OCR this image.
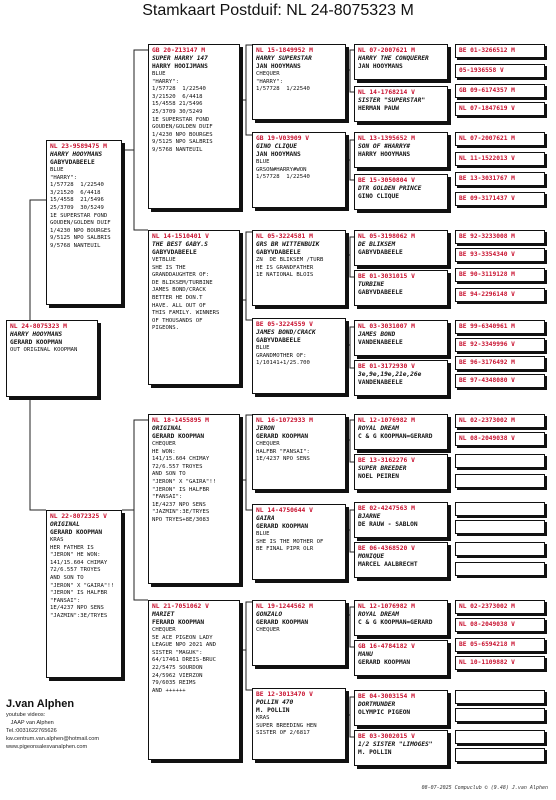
Stamkaart Postduif: NL 24-8075323 M
NL 24-8075323 M
HARRY HOOYMANS
GERARD KOOPMAN
OUT ORIGINAL KOOPMAN
NL 23-9589475 M
HARRY HOOYMANS
GABYVDABEELE
BLUE
"HARRY":
1/57728  1/22540
3/21520  6/4418
15/4558  21/5496
25/3709  30/5249
1E SUPERSTAR FOND
GOUDEN/GOLDEN DUIF
1/4230 NPO BOURGES
9/5125 NPO SALBRIS
9/5768 NANTEUIL
NL 22-8072325 V
ORIGINAL
GERARD KOOPMAN
KRAS
HER FATHER IS
"JERON" HE WON:
141/15.604 CHIMAY
72/6.557 TROYES
AND SON TO
"JERON" X "GAIRA"!!
"JERON" IS HALFBR
"FANSAI":
1E/4237 NPO SENS
"JAZMIN":3E/TRYES
GB 20-Z13147 M
SUPER HARRY 147
HARRY HOOIJMANS
BLUE
"HARRY":
1/57728  1/22540
3/21520  6/4418
15/4558 21/5496
25/3709 30/5249
1E SUPERSTAR FOND
GOUDEN/GOLDEN DUIF
1/4230 NPO BOURGES
9/5125 NPO SALBRIS
9/5768 NANTEUIL
NL 14-1510401 V
THE BEST GABY.S
GABYVDABEELE
VETBLUE
SHE IS THE
GRANDDAUGHTER OF:
DE BLIKSEM/TURBINE
JAMES BOND/CRACK
BETTER HE DON.T
HAVE. ALL OUT OF
THIS FAMILY. WINNERS
OF THOUSANDS OF
PIGEONS.
NL 18-1455895 M
ORIGINAL
GERARD KOOPMAN
CHEQUER
HE WON:
141/15.604 CHIMAY
72/6.557 TROYES
AND SON TO
"JERON" X "GAIRA"!!
"JERON" IS HALFBR
"FANSAI":
1E/4237 NPO SENS
"JAZMIN":3E/TRYES
NPO TRYES+8E/3083
NL 21-7051062 V
MARIET
FERARD KOOPMAN
CHEQUER
5E ACE PIGEON LADY
LEAGUE NPO 2021 AND
SISTER "MAGUK":
64/17461 DREIS-BRUC
22/5475 SOURDON
24/5962 VIERZON
79/6035 REIMS
AND ++++++
NL 15-1849952 M
HARRY SUPERSTAR
JAN HOOYMANS
CHEQUER
"HARRY":
1/57728  1/22540
GB 19-V03909 V
GINO CLIQUE
JAN HOOYMANS
BLUE
GRSON#HARRY#WON
1/57728  1/22540
NL 05-3224581 M
GRS BR WITTENBUIK
GABYVDABEELE
ZN  DE BLIKSEM /TURB
HE IS GRANDFATHER
1E NATIONAL BLOIS
BE 05-3224559 V
JAMES BOND/CRACK
GABYVDABEELE
BLUE
GRANDMOTHER OF:
1/10141+1/25.700
NL 16-1072933 M
JERON
GERARD KOOPMAN
CHEQUER
HALFBR "FANSAI":
1E/4237 NPO SENS
NL 14-4750644 V
GAIRA
GERARD KOOPMAN
BLUE
SHE IS THE MOTHER OF
BE FINAL PIPR OLR
NL 19-1244562 M
GONZALO
GERARD KOOPMAN
CHEQUER
BE 12-3013470 V
POLLIN 470
M. POLLIN
KRAS
SUPER BREEDING HEN
SISTER OF 2/6817
NL 07-2007621 M
HARRY THE CONQUERER
JAN HOOYMANS
NL 14-1768214 V
SISTER "SUPERSTAR"
HERMAN PAUW
NL 13-1395652 M
SON OF #HARRY#
HARRY HOOYMANS
BE 15-3050804 V
DTR GOLDEN PRINCE
GINO CLIQUE
NL 05-3198062 M
DE BLIKSEM
GABYVDABEELE
BE 01-3031015 V
TURBINE
GABYVDABEELE
NL 03-3031007 M
JAMES BOND
VANDENABEELE
BE 01-3172930 V
3e,9e,19e,21e,26e
VANDENABEELE
NL 12-1076982 M
ROYAL DREAM
C & G KOOPMAN=GERARD
BE 13-3162276 V
SUPER BREEDER
NOEL PEIREN
BE 02-4247563 M
BJARNE
DE RAUW - SABLON
BE 06-4368520 V
MONIQUE
MARCEL AALBRECHT
NL 12-1076982 M
ROYAL DREAM
C & G KOOPMAN=GERARD
GB 16-4784182 V
MANU
GERARD KOOPMAN
BE 04-3003154 M
DORTMUNDER
OLYMPIC PIGEON
BE 03-3002015 V
1/2 SISTER "LIMOGES"
M. POLLIN
BE 01-3266512 M
05-1936558 V
GB 09-6174357 M
NL 07-1847619 V
NL 07-2007621 M
NL 11-1522013 V
BE 13-3031767 M
BE 09-3171437 V
BE 92-3233008 M
BE 93-3354340 V
BE 90-3119128 M
BE 94-2296148 V
BE 99-6340961 M
BE 92-3349996 V
BE 96-3176492 M
BE 97-4348080 V
NL 02-2373002 M
NL 08-2049038 V
NL 02-2373002 M
NL 08-2049038 V
BE 05-6594218 M
NL 10-1109882 V
J.van Alphen
youtube videos:
JAAP van Alphen
Tel.:0031622765626
kw.centrum.van.alphen@hotmail.com
www.pigeonsalesvanalphen.com
08-07-2025 Compuclub © (9.48) J.van Alphen
